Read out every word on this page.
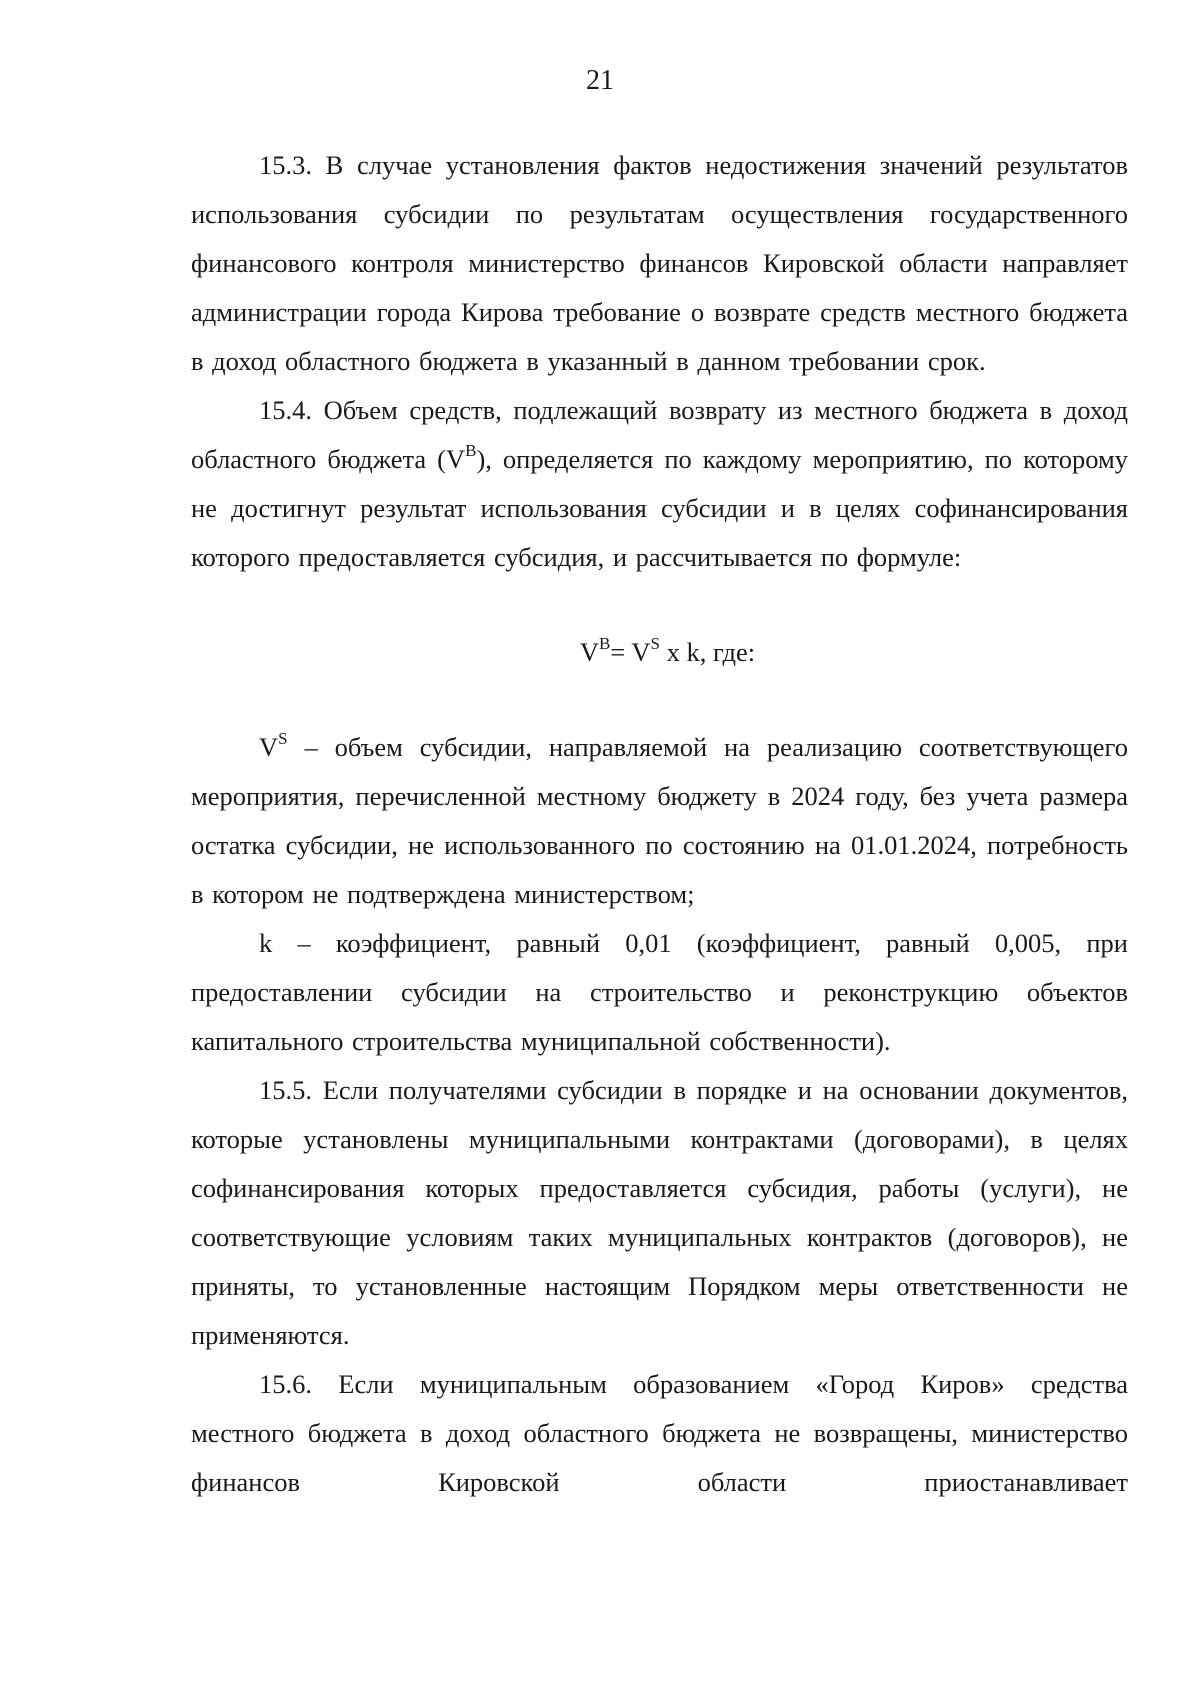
21

15.3. В случае установления фактов недостижения значений результатов использования субсидии по результатам осуществления государственного финансового контроля министерство финансов Кировской области направляет администрации города Кирова требование о возврате средств местного бюджета в доход областного бюджета в указанный в данном требовании срок.

15.4. Объем средств, подлежащий возврату из местного бюджета в доход областного бюджета $(V^B)$, определяется по каждому мероприятию, по которому не достигнут результат использования субсидии и в целях софинансирования которого предоставляется субсидия, и рассчитывается по формуле:

$V^B= V^S$ x k, где:

$V^S$ – объем субсидии, направляемой на реализацию соответствующего мероприятия, перечисленной местному бюджету в 2024 году, без учета размера остатка субсидии, не использованного по состоянию на 01.01.2024, потребность в котором не подтверждена министерством;

k – коэффициент, равный 0,01 (коэффициент, равный 0,005, при предоставлении субсидии на строительство и реконструкцию объектов капитального строительства муниципальной собственности).

15.5. Если получателями субсидии в порядке и на основании документов, которые установлены муниципальными контрактами (договорами), в целях софинансирования которых предоставляется субсидия, работы (услуги), не соответствующие условиям таких муниципальных контрактов (договоров), не приняты, то установленные настоящим Порядком меры ответственности не применяются.

15.6. Если муниципальным образованием «Город Киров» средства местного бюджета в доход областного бюджета не возвращены, министерство финансов Кировской области приостанавливает
